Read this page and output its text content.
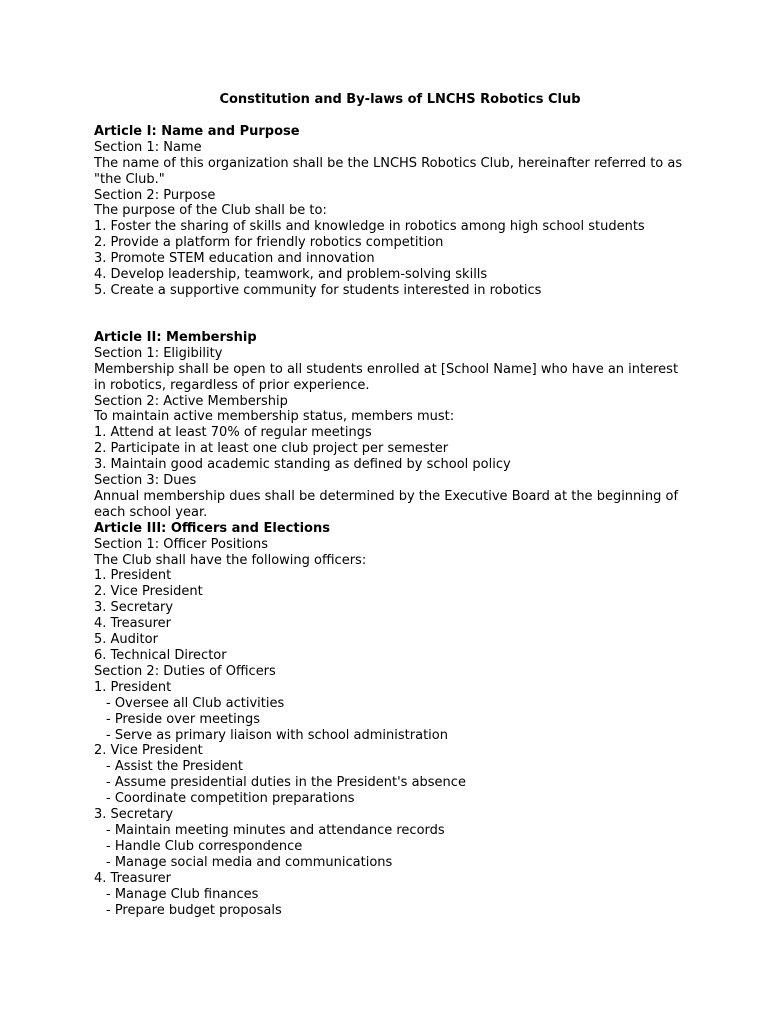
Constitution and By-laws of LNCHS Robotics Club
Article I: Name and Purpose
Section 1: Name
The name of this organization shall be the LNCHS Robotics Club, hereinafter referred to as "the Club."
Section 2: Purpose
The purpose of the Club shall be to:
1. Foster the sharing of skills and knowledge in robotics among high school students
2. Provide a platform for friendly robotics competition
3. Promote STEM education and innovation
4. Develop leadership, teamwork, and problem-solving skills
5. Create a supportive community for students interested in robotics
Article II: Membership
Section 1: Eligibility
Membership shall be open to all students enrolled at [School Name] who have an interest in robotics, regardless of prior experience.
Section 2: Active Membership
To maintain active membership status, members must:
1. Attend at least 70% of regular meetings
2. Participate in at least one club project per semester
3. Maintain good academic standing as defined by school policy
Section 3: Dues
Annual membership dues shall be determined by the Executive Board at the beginning of each school year.
Article III: Officers and Elections
Section 1: Officer Positions
The Club shall have the following officers:
1. President
2. Vice President
3. Secretary
4. Treasurer
5. Auditor
6. Technical Director
Section 2: Duties of Officers
1. President
- Oversee all Club activities
- Preside over meetings
- Serve as primary liaison with school administration
2. Vice President
- Assist the President
- Assume presidential duties in the President's absence
- Coordinate competition preparations
3. Secretary
- Maintain meeting minutes and attendance records
- Handle Club correspondence
- Manage social media and communications
4. Treasurer
- Manage Club finances
- Prepare budget proposals
